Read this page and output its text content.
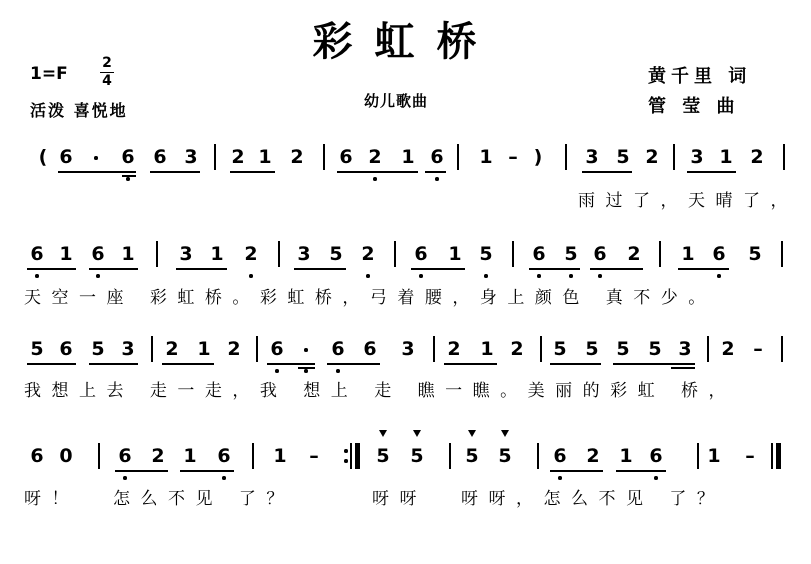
彩虹桥
1=F
2
4
活泼 喜悦地	幼儿歌曲
黄千里 词
管 莹 曲
6	6 6 3 2 1 2 6 2 1 6 1 –	3 5 2 3 1 2
6 1 6 1 3 1 2 3 5 2 6 1 5 6 5 6 2 1 6 5
5 6 5 3 2 1 2 6	6 6 3 2 1 2 5 5 5 5 3 2 –
6 0 6 2 1 6 1 –	5 5 5 5 6 2 1 6 1 –
(	)
雨过了，天晴了，
天空一座 彩虹桥。彩虹桥，弓着腰，身上颜色 真不少。
我想上去 走一走，我 想上 走 瞧一瞧。美丽的彩虹 桥，
呀！ 怎么不见 了？	呀呀 呀呀，怎么不见 了？
